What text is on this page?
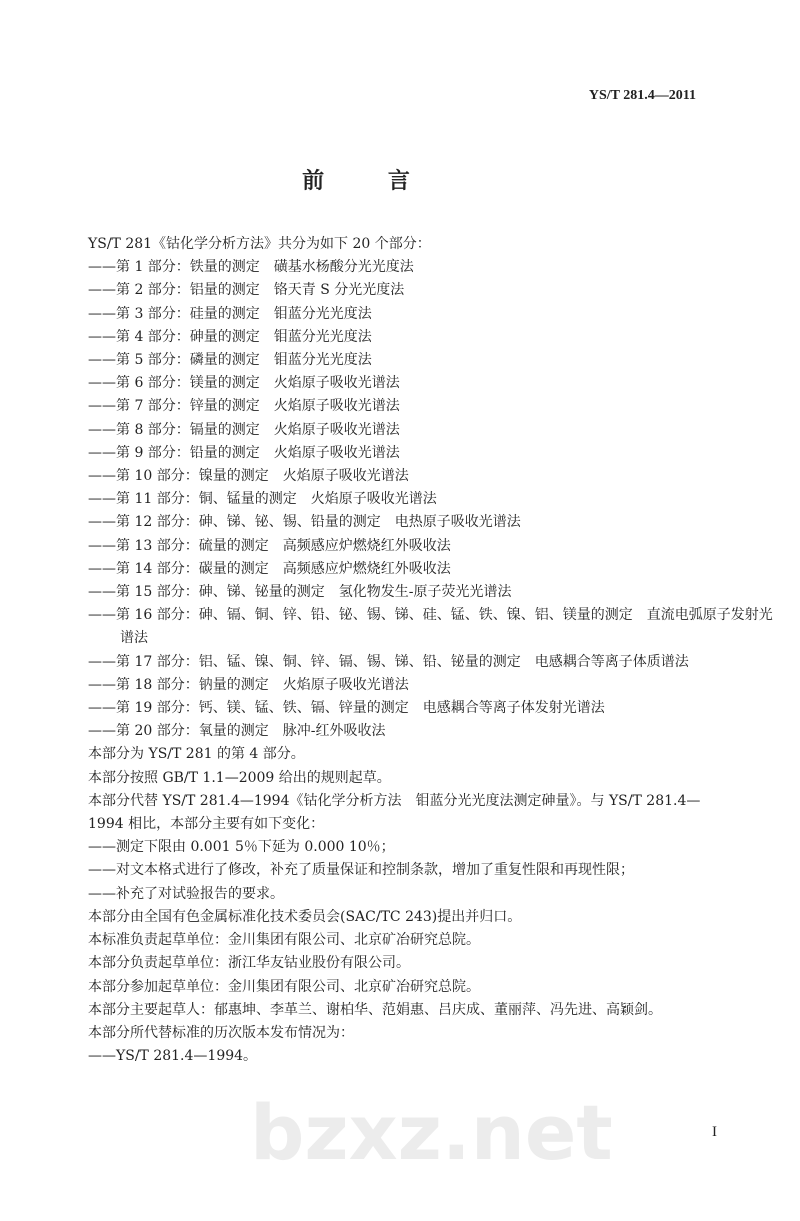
YS/T 281.4—2011
前 言
YS/T 281《钴化学分析方法》共分为如下 20 个部分：
——第 1 部分：铁量的测定　磺基水杨酸分光光度法
——第 2 部分：铝量的测定　铬天青 S 分光光度法
——第 3 部分：硅量的测定　钼蓝分光光度法
——第 4 部分：砷量的测定　钼蓝分光光度法
——第 5 部分：磷量的测定　钼蓝分光光度法
——第 6 部分：镁量的测定　火焰原子吸收光谱法
——第 7 部分：锌量的测定　火焰原子吸收光谱法
——第 8 部分：镉量的测定　火焰原子吸收光谱法
——第 9 部分：铅量的测定　火焰原子吸收光谱法
——第 10 部分：镍量的测定　火焰原子吸收光谱法
——第 11 部分：铜、锰量的测定　火焰原子吸收光谱法
——第 12 部分：砷、锑、铋、锡、铅量的测定　电热原子吸收光谱法
——第 13 部分：硫量的测定　高频感应炉燃烧红外吸收法
——第 14 部分：碳量的测定　高频感应炉燃烧红外吸收法
——第 15 部分：砷、锑、铋量的测定　氢化物发生-原子荧光光谱法
——第 16 部分：砷、镉、铜、锌、铅、铋、锡、锑、硅、锰、铁、镍、铝、镁量的测定　直流电弧原子发射光
谱法
——第 17 部分：铝、锰、镍、铜、锌、镉、锡、锑、铅、铋量的测定　电感耦合等离子体质谱法
——第 18 部分：钠量的测定　火焰原子吸收光谱法
——第 19 部分：钙、镁、锰、铁、镉、锌量的测定　电感耦合等离子体发射光谱法
——第 20 部分：氧量的测定　脉冲-红外吸收法
本部分为 YS/T 281 的第 4 部分。
本部分按照 GB/T 1.1—2009 给出的规则起草。
本部分代替 YS/T 281.4—1994《钴化学分析方法　钼蓝分光光度法测定砷量》。与 YS/T 281.4—
1994 相比，本部分主要有如下变化：
——测定下限由 0.001 5％下延为 0.000 10％；
——对文本格式进行了修改，补充了质量保证和控制条款，增加了重复性限和再现性限；
——补充了对试验报告的要求。
本部分由全国有色金属标准化技术委员会(SAC/TC 243)提出并归口。
本标准负责起草单位：金川集团有限公司、北京矿冶研究总院。
本部分负责起草单位：浙江华友钴业股份有限公司。
本部分参加起草单位：金川集团有限公司、北京矿冶研究总院。
本部分主要起草人：郁惠坤、李革兰、谢柏华、范娟惠、吕庆成、董丽萍、冯先进、高颖剑。
本部分所代替标准的历次版本发布情况为：
——YS/T 281.4—1994。
bzxz.net	I
